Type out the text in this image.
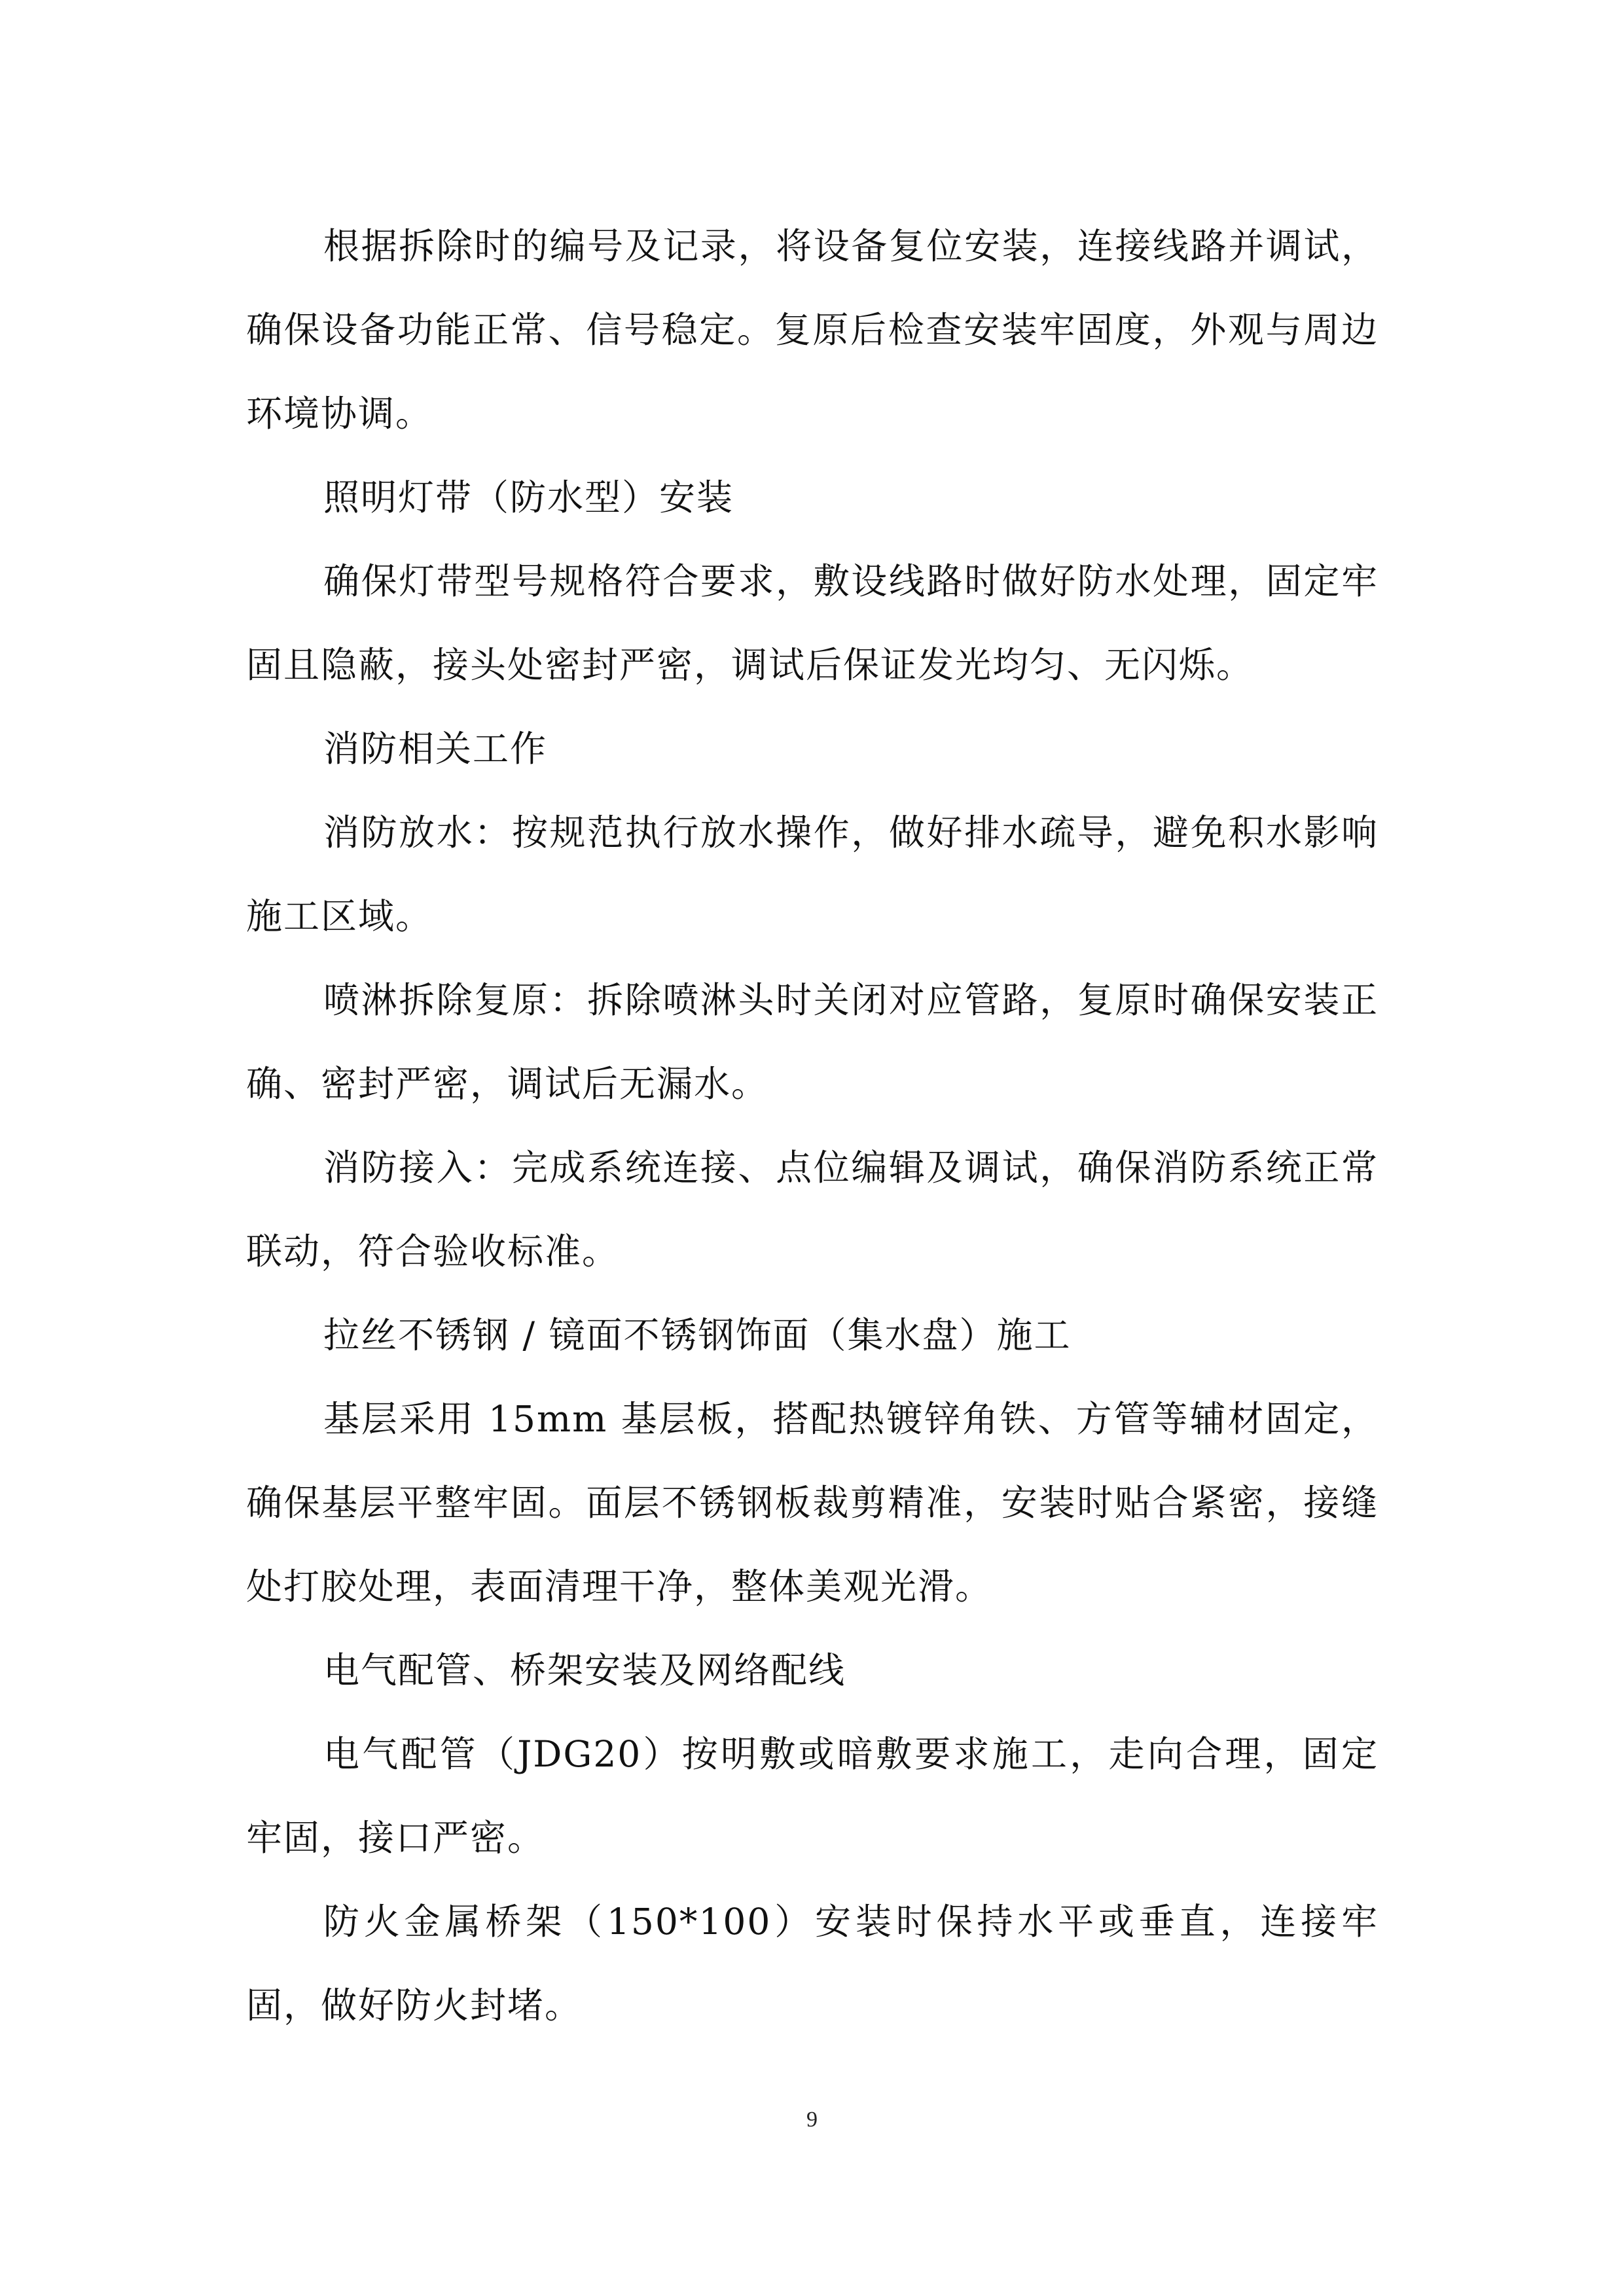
根据拆除时的编号及记录，将设备复位安装，连接线路并调试，确保设备功能正常、信号稳定。复原后检查安装牢固度，外观与周边环境协调。

照明灯带（防水型）安装

确保灯带型号规格符合要求，敷设线路时做好防水处理，固定牢固且隐蔽，接头处密封严密，调试后保证发光均匀、无闪烁。

消防相关工作

消防放水：按规范执行放水操作，做好排水疏导，避免积水影响施工区域。

喷淋拆除复原：拆除喷淋头时关闭对应管路，复原时确保安装正确、密封严密，调试后无漏水。

消防接入：完成系统连接、点位编辑及调试，确保消防系统正常联动，符合验收标准。

拉丝不锈钢 / 镜面不锈钢饰面（集水盘）施工

基层采用 15mm 基层板，搭配热镀锌角铁、方管等辅材固定，确保基层平整牢固。面层不锈钢板裁剪精准，安装时贴合紧密，接缝处打胶处理，表面清理干净，整体美观光滑。

电气配管、桥架安装及网络配线

电气配管（JDG20）按明敷或暗敷要求施工，走向合理，固定牢固，接口严密。

防火金属桥架（150*100）安装时保持水平或垂直，连接牢固，做好防火封堵。

9
